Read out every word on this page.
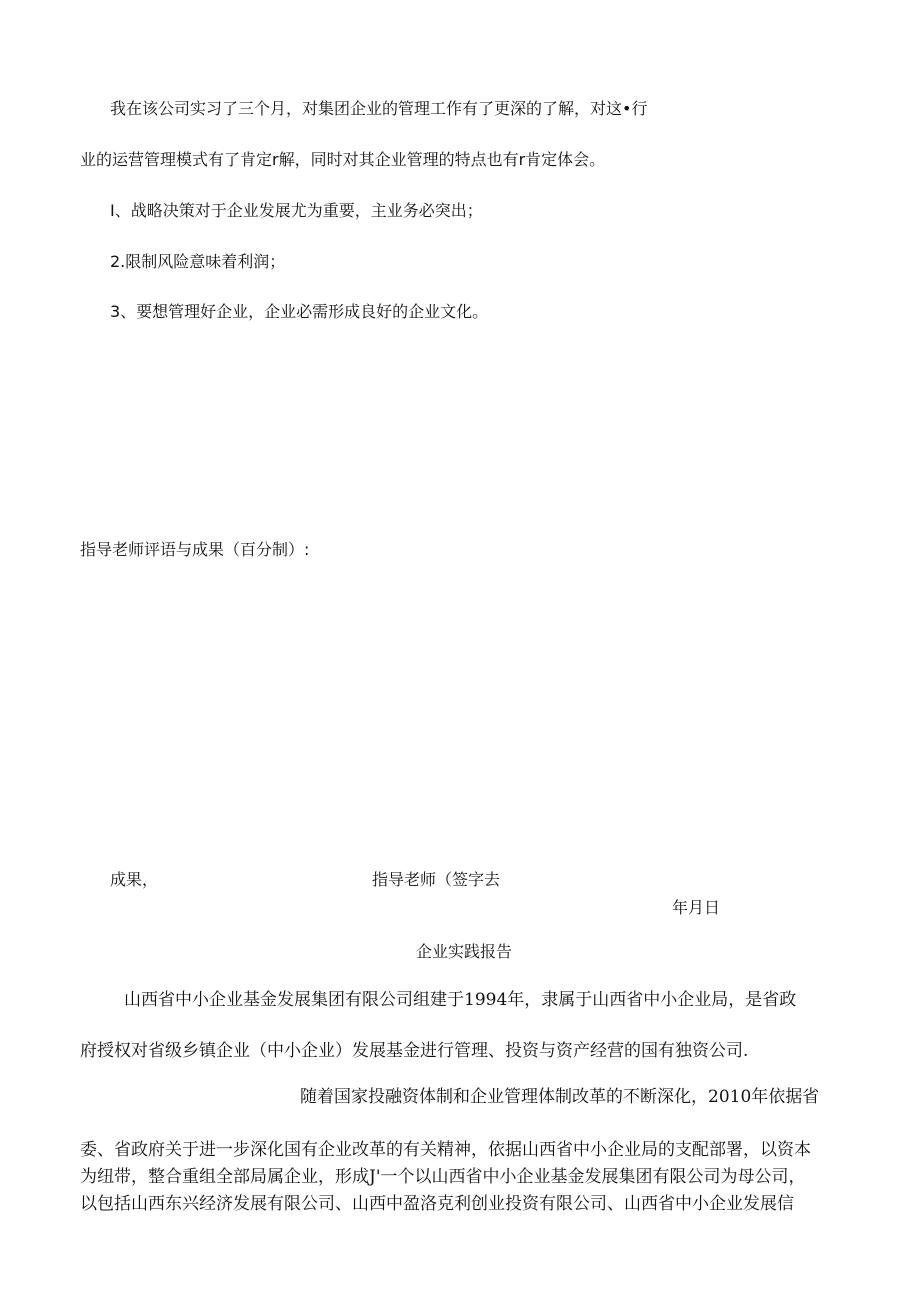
我在该公司实习了三个月，对集团企业的管理工作有了更深的了解，对这•行
业的运营管理模式有了肯定r解，同时对其企业管理的特点也有r肯定体会。
I、战略决策对于企业发展尤为重要，主业务必突出；
2.限制风险意味着利润；
3、要想管理好企业，企业必需形成良好的企业文化。
指导老师评语与成果（百分制）:
成果，	指导老师（签字去
年月日
企业实践报告
山西省中小企业基金发展集团有限公司组建于1994年，隶属于山西省中小企业局，是省政
府授权对省级乡镇企业（中小企业）发展基金进行管理、投资与资产经营的国有独资公司.
随着国家投融资体制和企业管理体制改革的不断深化，2010年依据省
委、省政府关于进一步深化国有企业改革的有关精神，依据山西省中小企业局的支配部署，以资本
为纽带，整合重组全部局属企业，形成J'一个以山西省中小企业基金发展集团有限公司为母公司，
以包括山西东兴经济发展有限公司、山西中盈洛克利创业投资有限公司、山西省中小企业发展信
